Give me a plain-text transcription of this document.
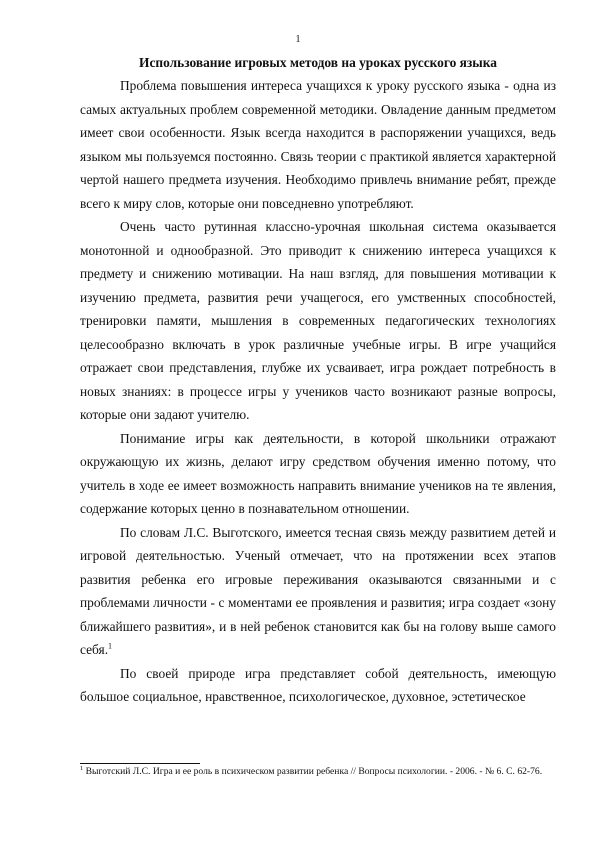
1
Использование игровых методов на уроках русского языка

Проблема повышения интереса учащихся к уроку русского языка - одна из самых актуальных проблем современной методики. Овладение данным предметом имеет свои особенности. Язык всегда находится в распоряжении учащихся, ведь языком мы пользуемся постоянно. Связь теории с практикой является характерной чертой нашего предмета изучения. Необходимо привлечь внимание ребят, прежде всего к миру слов, которые они повседневно употребляют.

Очень часто рутинная классно-урочная школьная система оказывается монотонной и однообразной. Это приводит к снижению интереса учащихся к предмету и снижению мотивации. На наш взгляд, для повышения мотивации к изучению предмета, развития речи учащегося, его умственных способностей, тренировки памяти, мышления в современных педагогических технологиях целесообразно включать в урок различные учебные игры. В игре учащийся отражает свои представления, глубже их усваивает, игра рождает потребность в новых знаниях: в процессе игры у учеников часто возникают разные вопросы, которые они задают учителю.

Понимание игры как деятельности, в которой школьники отражают окружающую их жизнь, делают игру средством обучения именно потому, что учитель в ходе ее имеет возможность направить внимание учеников на те явления, содержание которых ценно в познавательном отношении.

По словам Л.С. Выготского, имеется тесная связь между развитием детей и игровой деятельностью. Ученый отмечает, что на протяжении всех этапов развития ребенка его игровые переживания оказываются связанными и с проблемами личности - с моментами ее проявления и развития; игра создает «зону ближайшего развития», и в ней ребенок становится как бы на голову выше самого себя.$^1$

По своей природе игра представляет собой деятельность, имеющую большое социальное, нравственное, психологическое, духовное, эстетическое

$^1$ Выготский Л.С. Игра и ее роль в психическом развитии ребенка // Вопросы психологии. - 2006. - № 6. С. 62-76.
